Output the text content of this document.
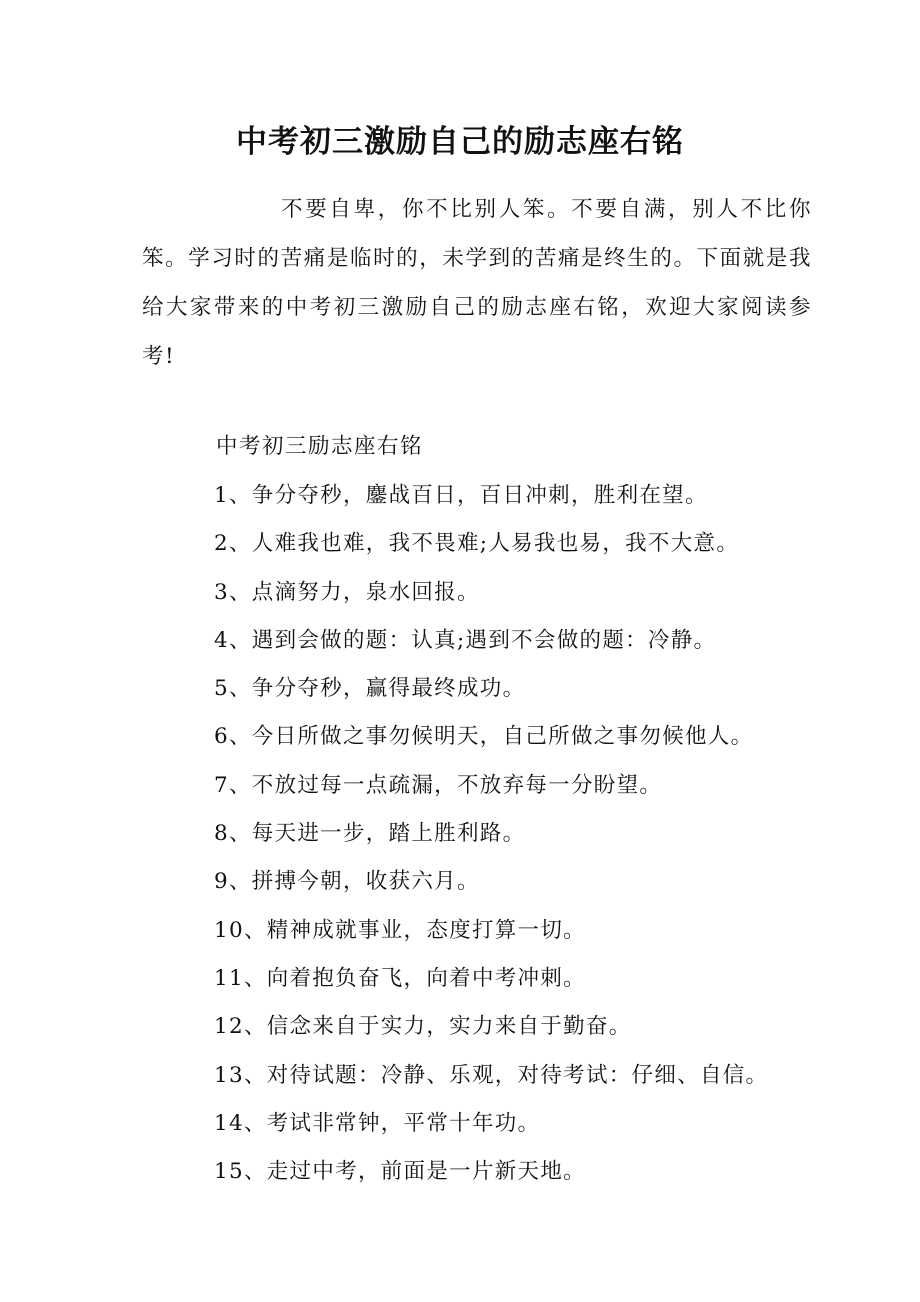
中考初三激励自己的励志座右铭

不要自卑，你不比别人笨。不要自满，别人不比你笨。学习时的苦痛是临时的，未学到的苦痛是终生的。下面就是我给大家带来的中考初三激励自己的励志座右铭，欢迎大家阅读参考!

中考初三励志座右铭

1、争分夺秒，鏖战百日，百日冲刺，胜利在望。
2、人难我也难，我不畏难;人易我也易，我不大意。
3、点滴努力，泉水回报。
4、遇到会做的题：认真;遇到不会做的题：冷静。
5、争分夺秒，赢得最终成功。
6、今日所做之事勿候明天，自己所做之事勿候他人。
7、不放过每一点疏漏，不放弃每一分盼望。
8、每天进一步，踏上胜利路。
9、拼搏今朝，收获六月。
10、精神成就事业，态度打算一切。
11、向着抱负奋飞，向着中考冲刺。
12、信念来自于实力，实力来自于勤奋。
13、对待试题：冷静、乐观，对待考试：仔细、自信。
14、考试非常钟，平常十年功。
15、走过中考，前面是一片新天地。
